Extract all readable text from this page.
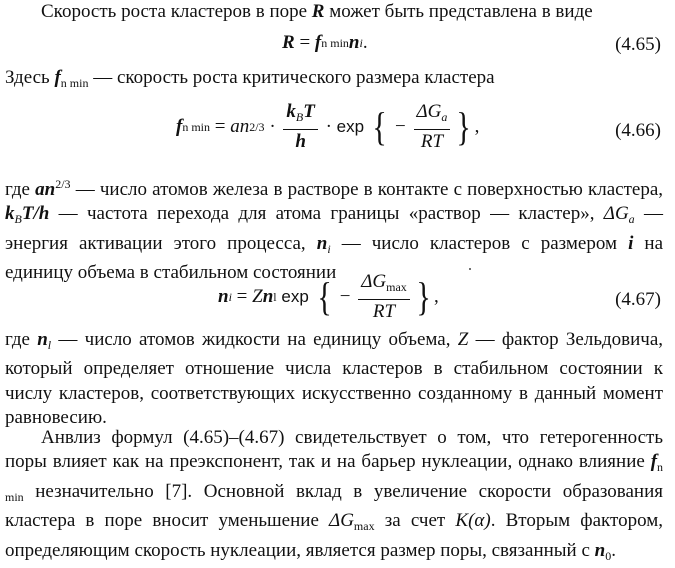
Скорость роста кластеров в поре R может быть представлена в виде

R = f n min n i .	(4.65)

Здесь $f_{n min}$ — скорость роста критического размера кластера

f n min = a n $2/3 \cdot \frac{k_BT}{h} \cdot \exp$ { − $\frac{\Delta G_a}{RT}$ } ,	(4.66)

где $an^{2/3}$ — число атомов железа в растворе в контакте с поверхностью кластера, $k_BT/h$ — частота перехода для атома границы «раствор — кластер», $\Delta G_a$ — энергия активации этого процесса, $n_i$ — число кластеров с размером i на единицу объема в стабильном состоянии

n i = Z n l
exp { − $\frac{\Delta G_{max}}{RT}$ } ,	(4.67)

где $n_l$ — число атомов жидкости на единицу объема, Z — фактор Зельдовича, который определяет отношение числа кластеров в стабильном состоянии к числу кластеров, соответствующих искусственно созданному в данный момент равновесию.

Анвлиз формул (4.65)–(4.67) свидетельствует о том, что гетерогенность поры влияет как на преэкспонент, так и на барьер нуклеации, однако влияние $f_{n min}$ незначительно [7]. Основной вклад в увеличение скорости образования кластера в поре вносит уменьшение $\Delta G_{max}$ за счет K(α). Вторым фактором, определяющим скорость нуклеации, является размер поры, связанный с $n_0$.
